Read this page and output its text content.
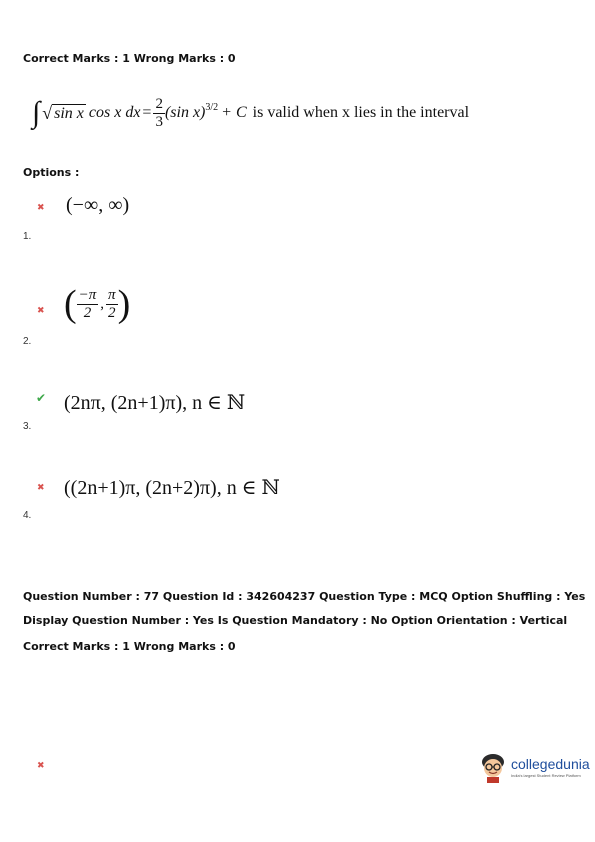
Correct Marks : 1 Wrong Marks : 0
∫ √ sin x cos x dx = $\frac{2}{3} (\sin$ x)$^{3/2}$ + C is valid when x lies in the interval
Options :
✖ (−∞, ∞)
1.
✖ ( $\frac{-\pi}{2}$ , $\frac{\pi}{2}$ )
2.
✔ (2nπ, (2n+1)π), n ∈ ℕ
3.
✖ ((2n+1)π, (2n+2)π), n ∈ ℕ
4.
Question Number : 77 Question Id : 342604237 Question Type : MCQ Option Shuffling : Yes
Display Question Number : Yes Is Question Mandatory : No Option Orientation : Vertical
Correct Marks : 1 Wrong Marks : 0
✖	collegedunia
India's largest Student Review Platform
